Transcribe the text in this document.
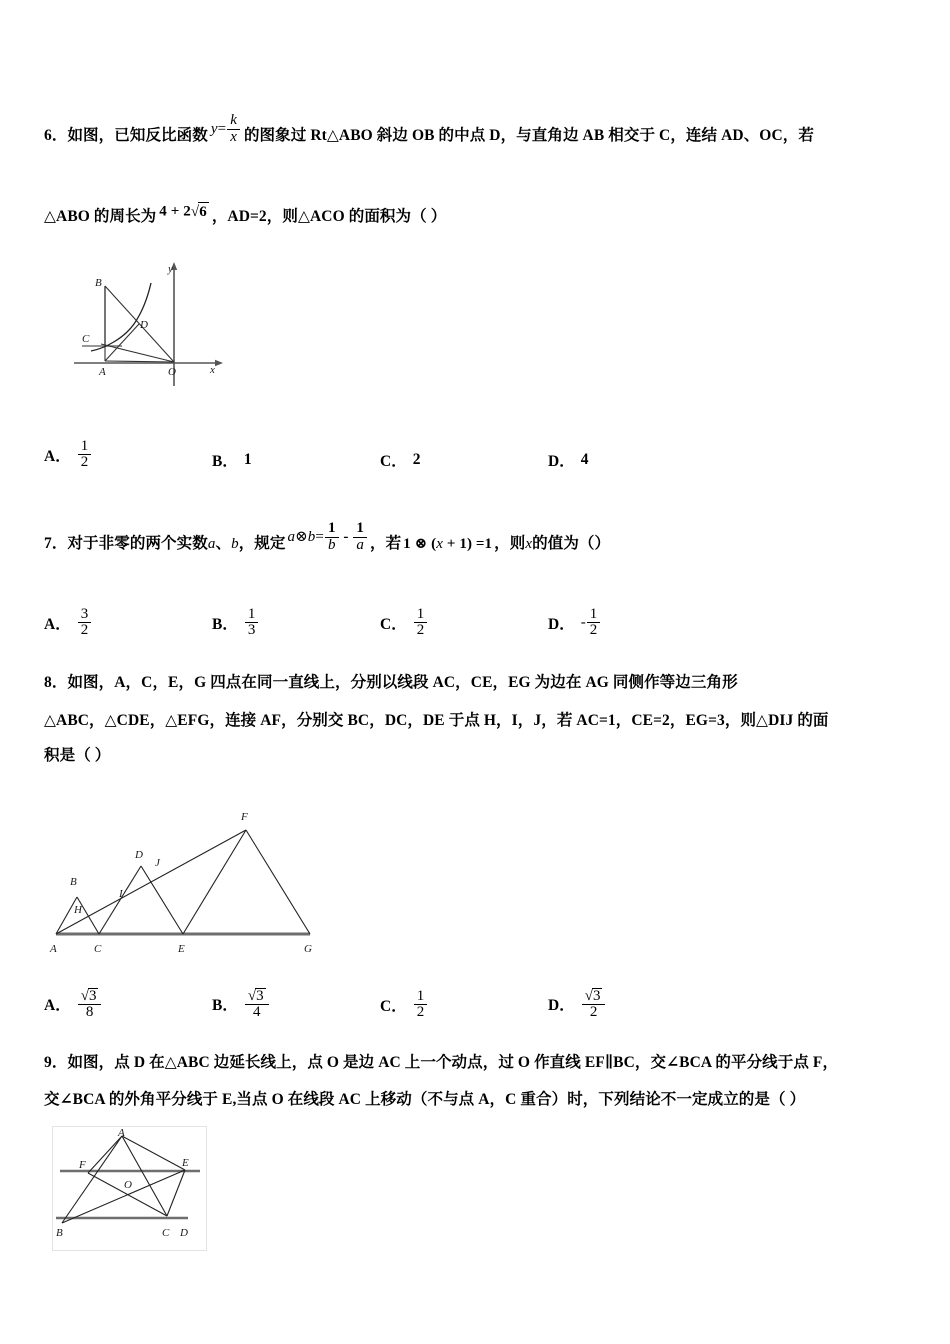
6．如图，已知反比函数 $y= \frac{k}{x}$ 的图象过 Rt△ABO 斜边 OB 的中点 D，与直角边 AB 相交于 C，连结 AD、OC，若
△ABO 的周长为 4 + 2√6 ，AD=2，则△ACO 的面积为（ ）
B
C
D
A	O
y
x
A． $\frac{1}{2}$	B． 1	C． 2	D． 4
7．对于非零的两个实数a、b，规定 a⊗b= $\frac{1}{b} - \frac{1}{a}$ ，若 1 ⊗ (x + 1) =1 ，则x的值为（）
A． $\frac{3}{2}$	B． $\frac{1}{3}$	C． $\frac{1}{2}$	D． - $\frac{1}{2}$
8．如图，A，C，E，G 四点在同一直线上，分别以线段 AC，CE，EG 为边在 AG 同侧作等边三角形
△ABC，△CDE，△EFG，连接 AF，分别交 BC，DC，DE 于点 H，I，J，若 AC=1，CE=2，EG=3，则△DIJ 的面
积是（ ）
A
B
C
D
E
F
G
H
I
J
A． $\frac{√3}{8}$	B． $\frac{√3}{4}$	C． $\frac{1}{2}$	D． $\frac{√3}{2}$
9．如图，点 D 在△ABC 边延长线上，点 O 是边 AC 上一个动点，过 O 作直线 EF∥BC，交∠BCA 的平分线于点 F，
交∠BCA 的外角平分线于 E,当点 O 在线段 AC 上移动（不与点 A，C 重合）时，下列结论不一定成立的是（ ）
A
B	C D
E
F
O
